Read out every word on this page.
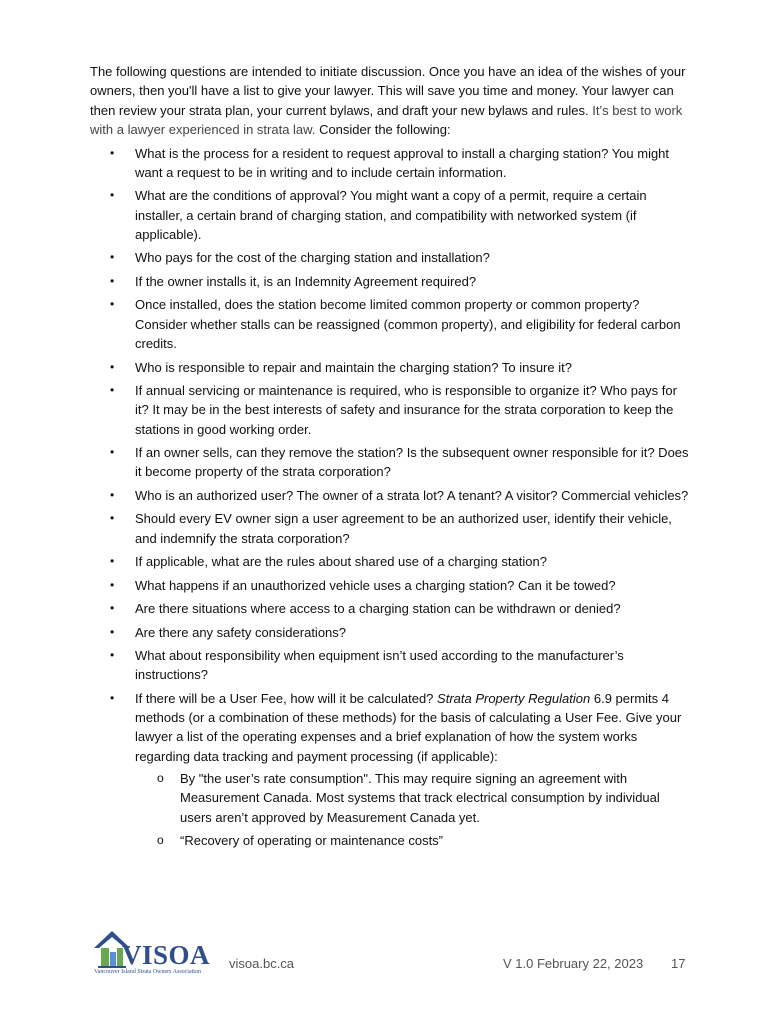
The following questions are intended to initiate discussion. Once you have an idea of the wishes of your owners, then you'll have a list to give your lawyer. This will save you time and money. Your lawyer can then review your strata plan, your current bylaws, and draft your new bylaws and rules. It’s best to work with a lawyer experienced in strata law. Consider the following:

• What is the process for a resident to request approval to install a charging station? You might want a request to be in writing and to include certain information.
• What are the conditions of approval? You might want a copy of a permit, require a certain installer, a certain brand of charging station, and compatibility with networked system (if applicable).
• Who pays for the cost of the charging station and installation?
• If the owner installs it, is an Indemnity Agreement required?
• Once installed, does the station become limited common property or common property? Consider whether stalls can be reassigned (common property), and eligibility for federal carbon credits.
• Who is responsible to repair and maintain the charging station? To insure it?
• If annual servicing or maintenance is required, who is responsible to organize it? Who pays for it? It may be in the best interests of safety and insurance for the strata corporation to keep the stations in good working order.
• If an owner sells, can they remove the station? Is the subsequent owner responsible for it? Does it become property of the strata corporation?
• Who is an authorized user? The owner of a strata lot? A tenant? A visitor? Commercial vehicles?
• Should every EV owner sign a user agreement to be an authorized user, identify their vehicle, and indemnify the strata corporation?
• If applicable, what are the rules about shared use of a charging station?
• What happens if an unauthorized vehicle uses a charging station? Can it be towed?
• Are there situations where access to a charging station can be withdrawn or denied?
• Are there any safety considerations?
• What about responsibility when equipment isn’t used according to the manufacturer’s instructions?
• If there will be a User Fee, how will it be calculated? Strata Property Regulation 6.9 permits 4 methods (or a combination of these methods) for the basis of calculating a User Fee. Give your lawyer a list of the operating expenses and a brief explanation of how the system works regarding data tracking and payment processing (if applicable):
o By "the user’s rate consumption". This may require signing an agreement with Measurement Canada. Most systems that track electrical consumption by individual users aren’t approved by Measurement Canada yet.
o “Recovery of operating or maintenance costs”
VISOA
Vancouver Island Strata Owners Association
visoa.bc.ca	V 1.0 February 22, 2023 17
